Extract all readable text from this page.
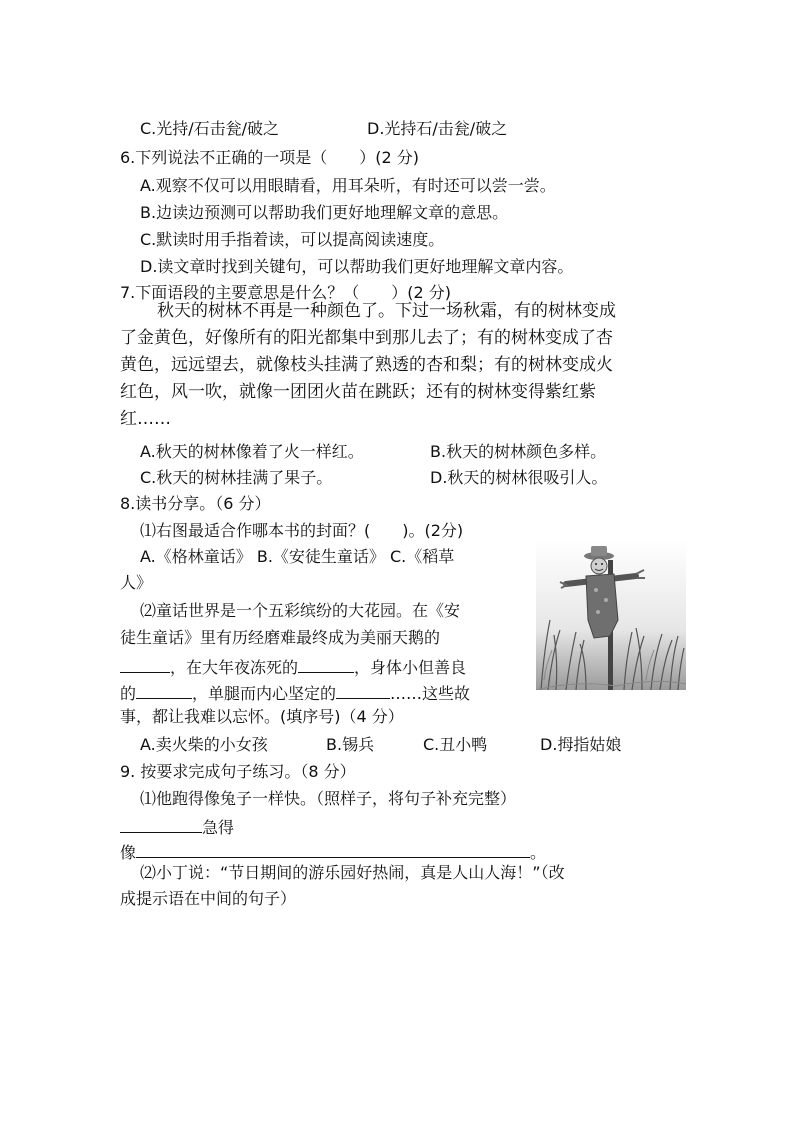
C.光持/石击瓮/破之	D.光持石/击瓮/破之
6.下列说法不正确的一项是（　　）(2 分)
A.观察不仅可以用眼睛看，用耳朵听，有时还可以尝一尝。
B.边读边预测可以帮助我们更好地理解文章的意思。
C.默读时用手指着读，可以提高阅读速度。
D.读文章时找到关键句，可以帮助我们更好地理解文章内容。
7.下面语段的主要意思是什么？（　　）(2 分)
秋天的树林不再是一种颜色了。下过一场秋霜，有的树林变成
了金黄色，好像所有的阳光都集中到那儿去了；有的树林变成了杏
黄色，远远望去，就像枝头挂满了熟透的杏和梨；有的树林变成火
红色，风一吹，就像一团团火苗在跳跃；还有的树林变得紫红紫
红……
A.秋天的树林像着了火一样红。	B.秋天的树林颜色多样。
C.秋天的树林挂满了果子。	D.秋天的树林很吸引人。
8.读书分享。（6 分）
⑴右图最适合作哪本书的封面？(　　)。(2分)
A.《格林童话》 B.《安徒生童话》 C.《稻草
人》
⑵童话世界是一个五彩缤纷的大花园。在《安
徒生童话》里有历经磨难最终成为美丽天鹅的
，在大年夜冻死的	，身体小但善良
的	，单腿而内心坚定的	……这些故
事，都让我难以忘怀。(填序号)（4 分）
A.卖火柴的小女孩	B.锡兵	C.丑小鸭	D.拇指姑娘
9. 按要求完成句子练习。（8 分）
⑴他跑得像兔子一样快。（照样子，将句子补充完整）
急得
像	。
⑵小丁说：“节日期间的游乐园好热闹，真是人山人海！”（改
成提示语在中间的句子）
